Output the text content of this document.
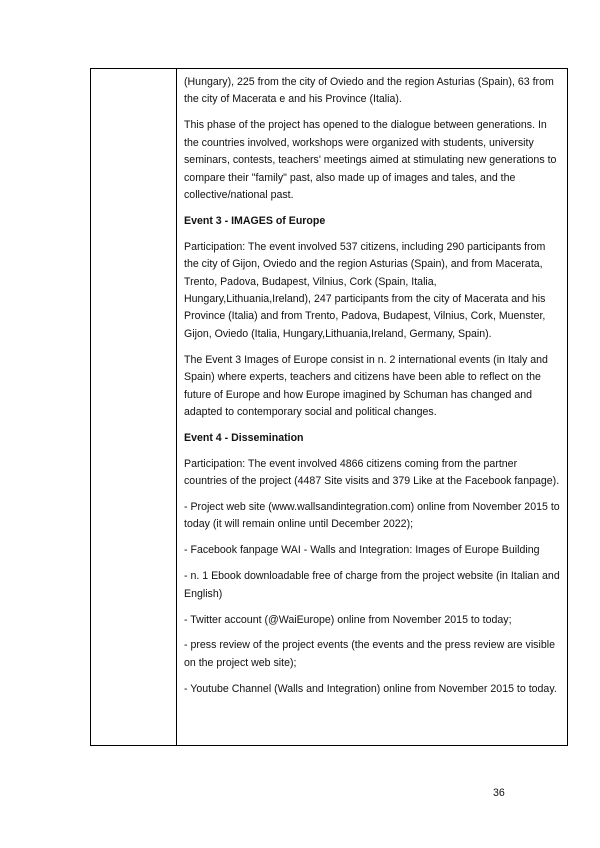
(Hungary), 225 from the city of Oviedo and the region Asturias (Spain), 63 from the city of Macerata e and his Province (Italia).

This phase of the project has opened to the dialogue between generations. In the countries involved, workshops were organized with students, university seminars, contests, teachers' meetings aimed at stimulating new generations to compare their "family" past, also made up of images and tales, and the collective/national past.

Event 3 - IMAGES of Europe

Participation: The event involved 537 citizens, including 290 participants from the city of Gijon, Oviedo and the region Asturias (Spain), and from Macerata, Trento, Padova, Budapest, Vilnius, Cork (Spain, Italia, Hungary,Lithuania,Ireland), 247 participants from the city of Macerata and his Province (Italia) and from Trento, Padova, Budapest, Vilnius, Cork, Muenster, Gijon, Oviedo (Italia, Hungary,Lithuania,Ireland, Germany, Spain).

The Event 3 Images of Europe consist in n. 2 international events (in Italy and Spain) where experts, teachers and citizens have been able to reflect on the future of Europe and how Europe imagined by Schuman has changed and adapted to contemporary social and political changes.

Event 4 - Dissemination

Participation: The event involved 4866 citizens coming from the partner countries of the project (4487 Site visits and 379 Like at the Facebook fanpage).

- Project web site (www.wallsandintegration.com) online from November 2015 to today (it will remain online until December 2022);

- Facebook fanpage WAI - Walls and Integration: Images of Europe Building

- n. 1 Ebook downloadable free of charge from the project website (in Italian and English)

- Twitter account (@WaiEurope) online from November 2015 to today;

- press review of the project events (the events and the press review are visible on the project web site);

- Youtube Channel (Walls and Integration) online from November 2015 to today.

36
